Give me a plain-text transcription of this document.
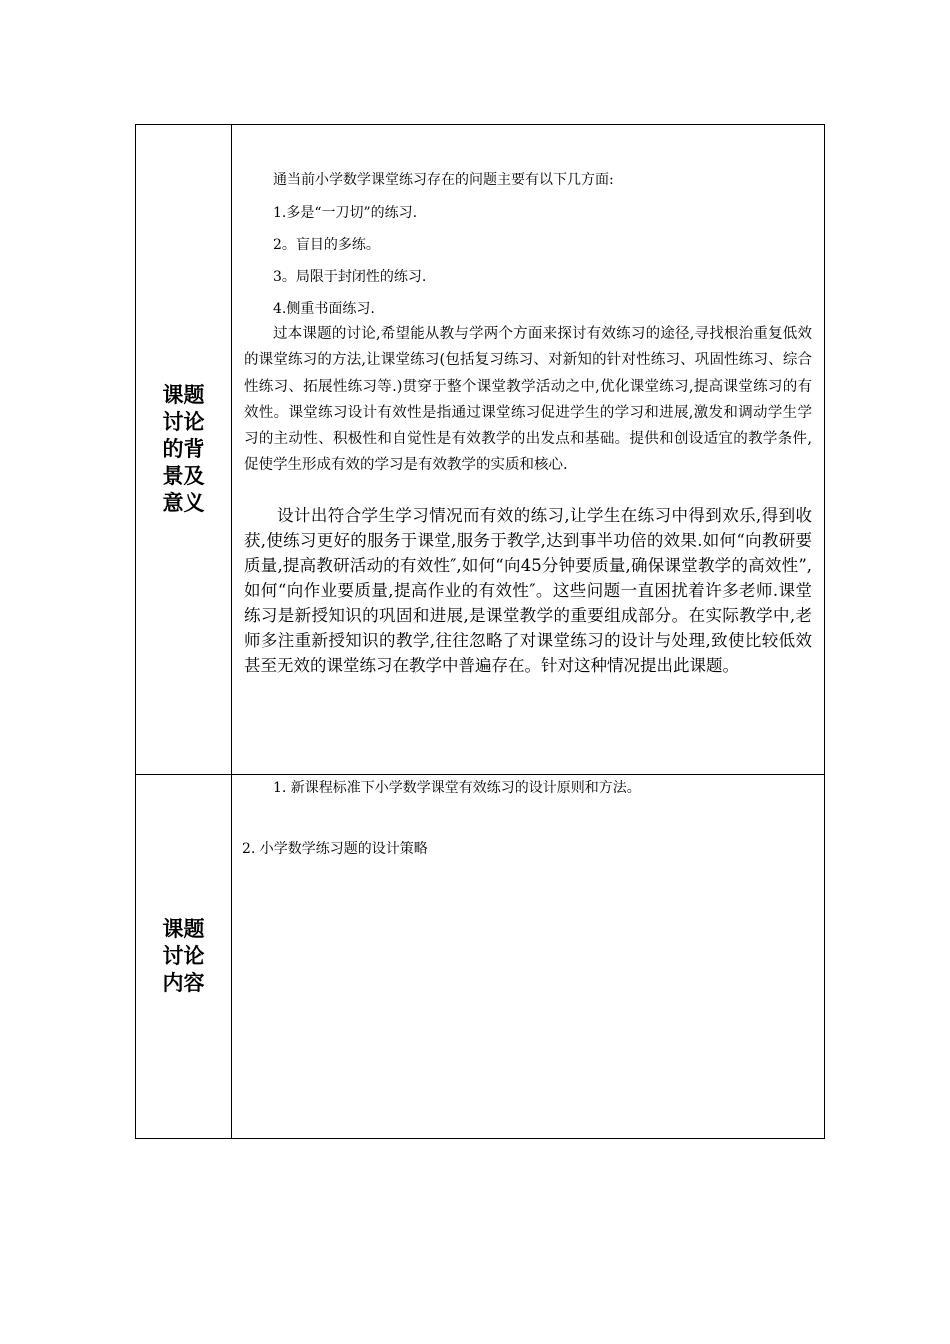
课题讨论的背景及意义
通当前小学数学课堂练习存在的问题主要有以下几方面:
1.多是“一刀切”的练习.
2。盲目的多练。
3。局限于封闭性的练习.
4.侧重书面练习.
过本课题的讨论,希望能从教与学两个方面来探讨有效练习的途径,寻找根治重复低效的课堂练习的方法,让课堂练习(包括复习练习、对新知的针对性练习、巩固性练习、综合性练习、拓展性练习等.)贯穿于整个课堂教学活动之中,优化课堂练习,提高课堂练习的有效性。课堂练习设计有效性是指通过课堂练习促进学生的学习和进展,激发和调动学生学习的主动性、积极性和自觉性是有效教学的出发点和基础。提供和创设适宜的教学条件,促使学生形成有效的学习是有效教学的实质和核心.
设计出符合学生学习情况而有效的练习,让学生在练习中得到欢乐,得到收获,使练习更好的服务于课堂,服务于教学,达到事半功倍的效果.如何“向教研要质量,提高教研活动的有效性″,如何“向45分钟要质量,确保课堂教学的高效性”,如何“向作业要质量,提高作业的有效性″。这些问题一直困扰着许多老师.课堂练习是新授知识的巩固和进展,是课堂教学的重要组成部分。在实际教学中,老师多注重新授知识的教学,往往忽略了对课堂练习的设计与处理,致使比较低效甚至无效的课堂练习在教学中普遍存在。针对这种情况提出此课题。
课题讨论内容
1. 新课程标准下小学数学课堂有效练习的设计原则和方法。
2. 小学数学练习题的设计策略
